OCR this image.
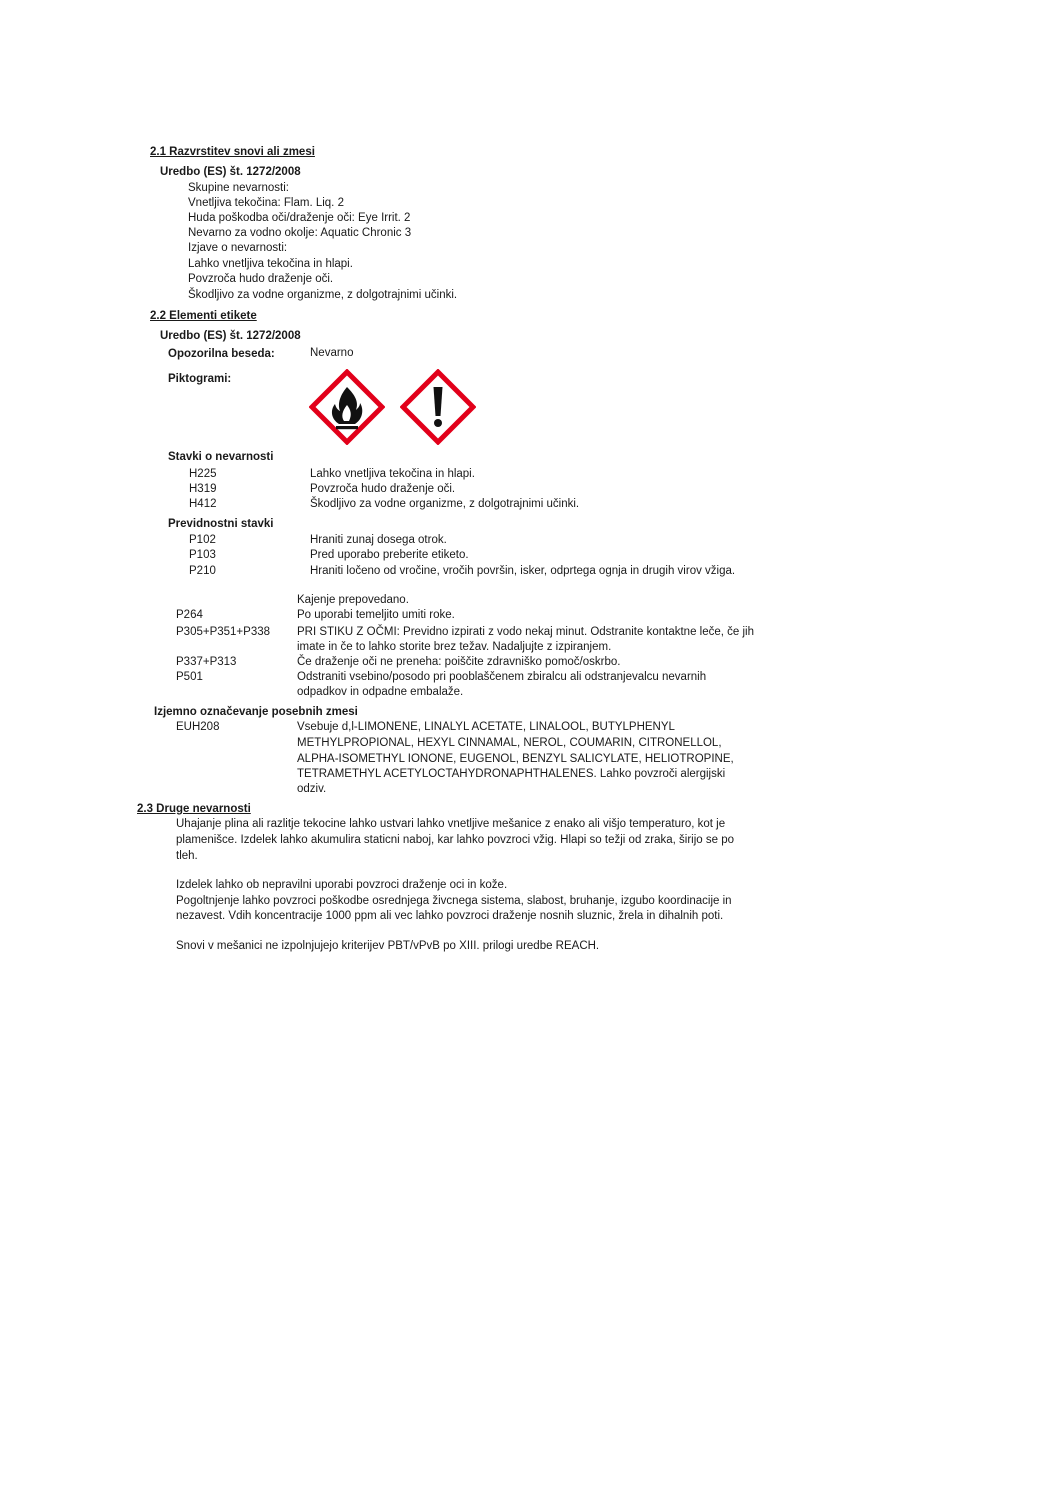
2.1 Razvrstitev snovi ali zmesi
Uredbo (ES) št. 1272/2008
Skupine nevarnosti:
Vnetljiva tekočina: Flam. Liq. 2
Huda poškodba oči/draženje oči: Eye Irrit. 2
Nevarno za vodno okolje: Aquatic Chronic 3
Izjave o nevarnosti:
Lahko vnetljiva tekočina in hlapi.
Povzroča hudo draženje oči.
Škodljivo za vodne organizme, z dolgotrajnimi učinki.
2.2 Elementi etikete
Uredbo (ES) št. 1272/2008
Opozorilna beseda:	Nevarno
Piktogrami:
Stavki o nevarnosti
H225	Lahko vnetljiva tekočina in hlapi.
H319	Povzroča hudo draženje oči.
H412	Škodljivo za vodne organizme, z dolgotrajnimi učinki.
Previdnostni stavki
P102	Hraniti zunaj dosega otrok.
P103	Pred uporabo preberite etiketo.
P210	Hraniti ločeno od vročine, vročih površin, isker, odprtega ognja in drugih virov vžiga.
Kajenje prepovedano.
P264	Po uporabi temeljito umiti roke.
P305+P351+P338 PRI STIKU Z OČMI: Previdno izpirati z vodo nekaj minut. Odstranite kontaktne leče, če jih
imate in če to lahko storite brez težav. Nadaljujte z izpiranjem.
P337+P313	Če draženje oči ne preneha: poiščite zdravniško pomoč/oskrbo.
P501	Odstraniti vsebino/posodo pri pooblaščenem zbiralcu ali odstranjevalcu nevarnih
odpadkov in odpadne embalaže.
Izjemno označevanje posebnih zmesi
EUH208	Vsebuje d,l-LIMONENE, LINALYL ACETATE, LINALOOL, BUTYLPHENYL
METHYLPROPIONAL, HEXYL CINNAMAL, NEROL, COUMARIN, CITRONELLOL,
ALPHA-ISOMETHYL IONONE, EUGENOL, BENZYL SALICYLATE, HELIOTROPINE,
TETRAMETHYL ACETYLOCTAHYDRONAPHTHALENES. Lahko povzroči alergijski
odziv.
2.3 Druge nevarnosti
Uhajanje plina ali razlitje tekocine lahko ustvari lahko vnetljive mešanice z enako ali višjo temperaturo, kot je
plamenišce. Izdelek lahko akumulira staticni naboj, kar lahko povzroci vžig. Hlapi so težji od zraka, širijo se po
tleh.
Izdelek lahko ob nepravilni uporabi povzroci draženje oci in kože.
Pogoltnjenje lahko povzroci poškodbe osrednjega živcnega sistema, slabost, bruhanje, izgubo koordinacije in
nezavest. Vdih koncentracije 1000 ppm ali vec lahko povzroci draženje nosnih sluznic, žrela in dihalnih poti.
Snovi v mešanici ne izpolnjujejo kriterijev PBT/vPvB po XIII. prilogi uredbe REACH.
